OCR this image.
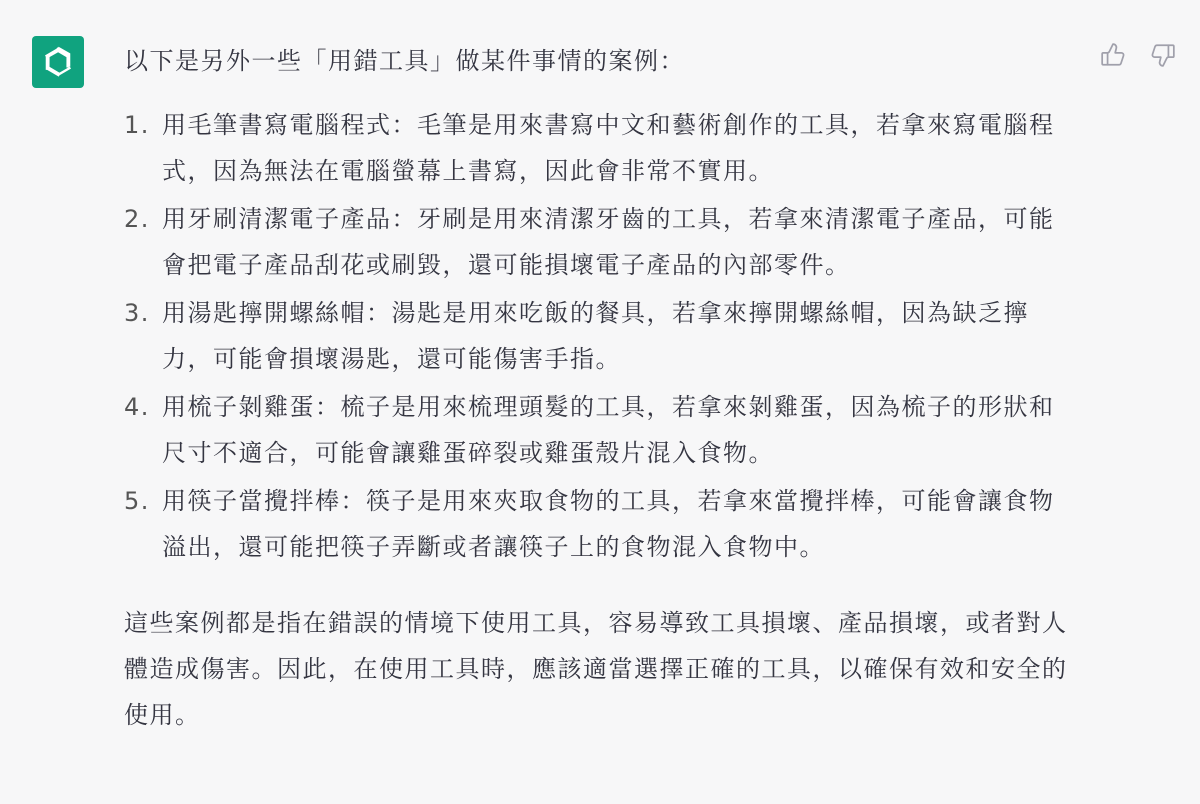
以下是另外一些「用錯工具」做某件事情的案例：

1. 用毛筆書寫電腦程式：毛筆是用來書寫中文和藝術創作的工具，若拿來寫電腦程式，因為無法在電腦螢幕上書寫，因此會非常不實用。
2. 用牙刷清潔電子產品：牙刷是用來清潔牙齒的工具，若拿來清潔電子產品，可能會把電子產品刮花或刷毀，還可能損壞電子產品的內部零件。
3. 用湯匙擰開螺絲帽：湯匙是用來吃飯的餐具，若拿來擰開螺絲帽，因為缺乏擰力，可能會損壞湯匙，還可能傷害手指。
4. 用梳子剝雞蛋：梳子是用來梳理頭髮的工具，若拿來剝雞蛋，因為梳子的形狀和尺寸不適合，可能會讓雞蛋碎裂或雞蛋殼片混入食物。
5. 用筷子當攪拌棒：筷子是用來夾取食物的工具，若拿來當攪拌棒，可能會讓食物溢出，還可能把筷子弄斷或者讓筷子上的食物混入食物中。

這些案例都是指在錯誤的情境下使用工具，容易導致工具損壞、產品損壞，或者對人體造成傷害。因此，在使用工具時，應該適當選擇正確的工具，以確保有效和安全的使用。
